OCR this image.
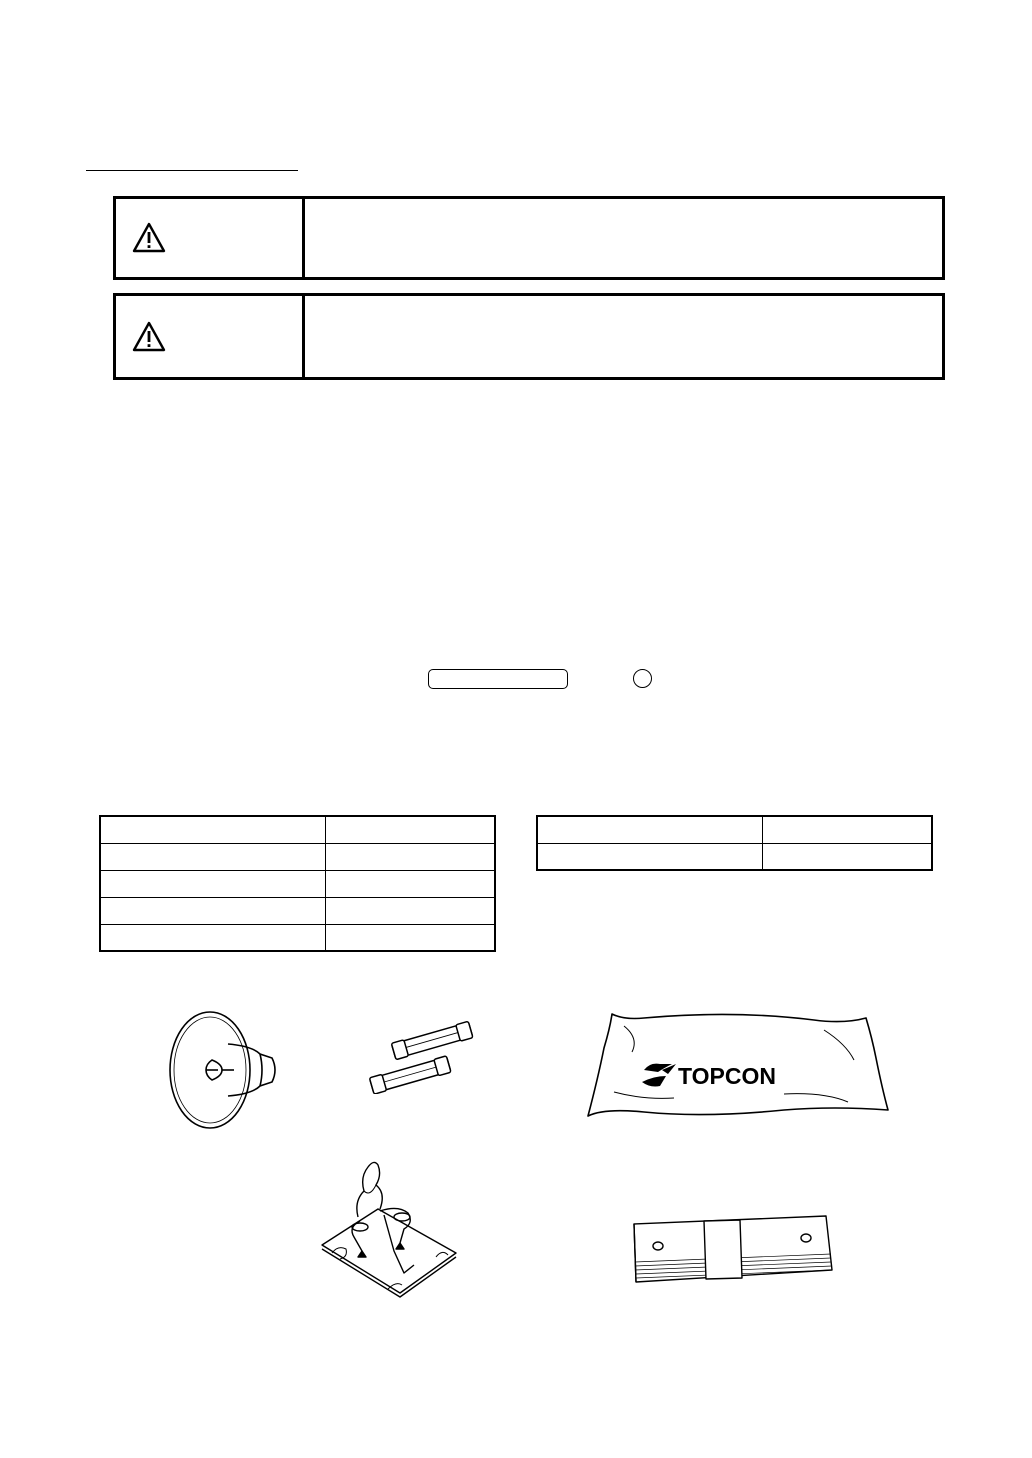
TOPCON
